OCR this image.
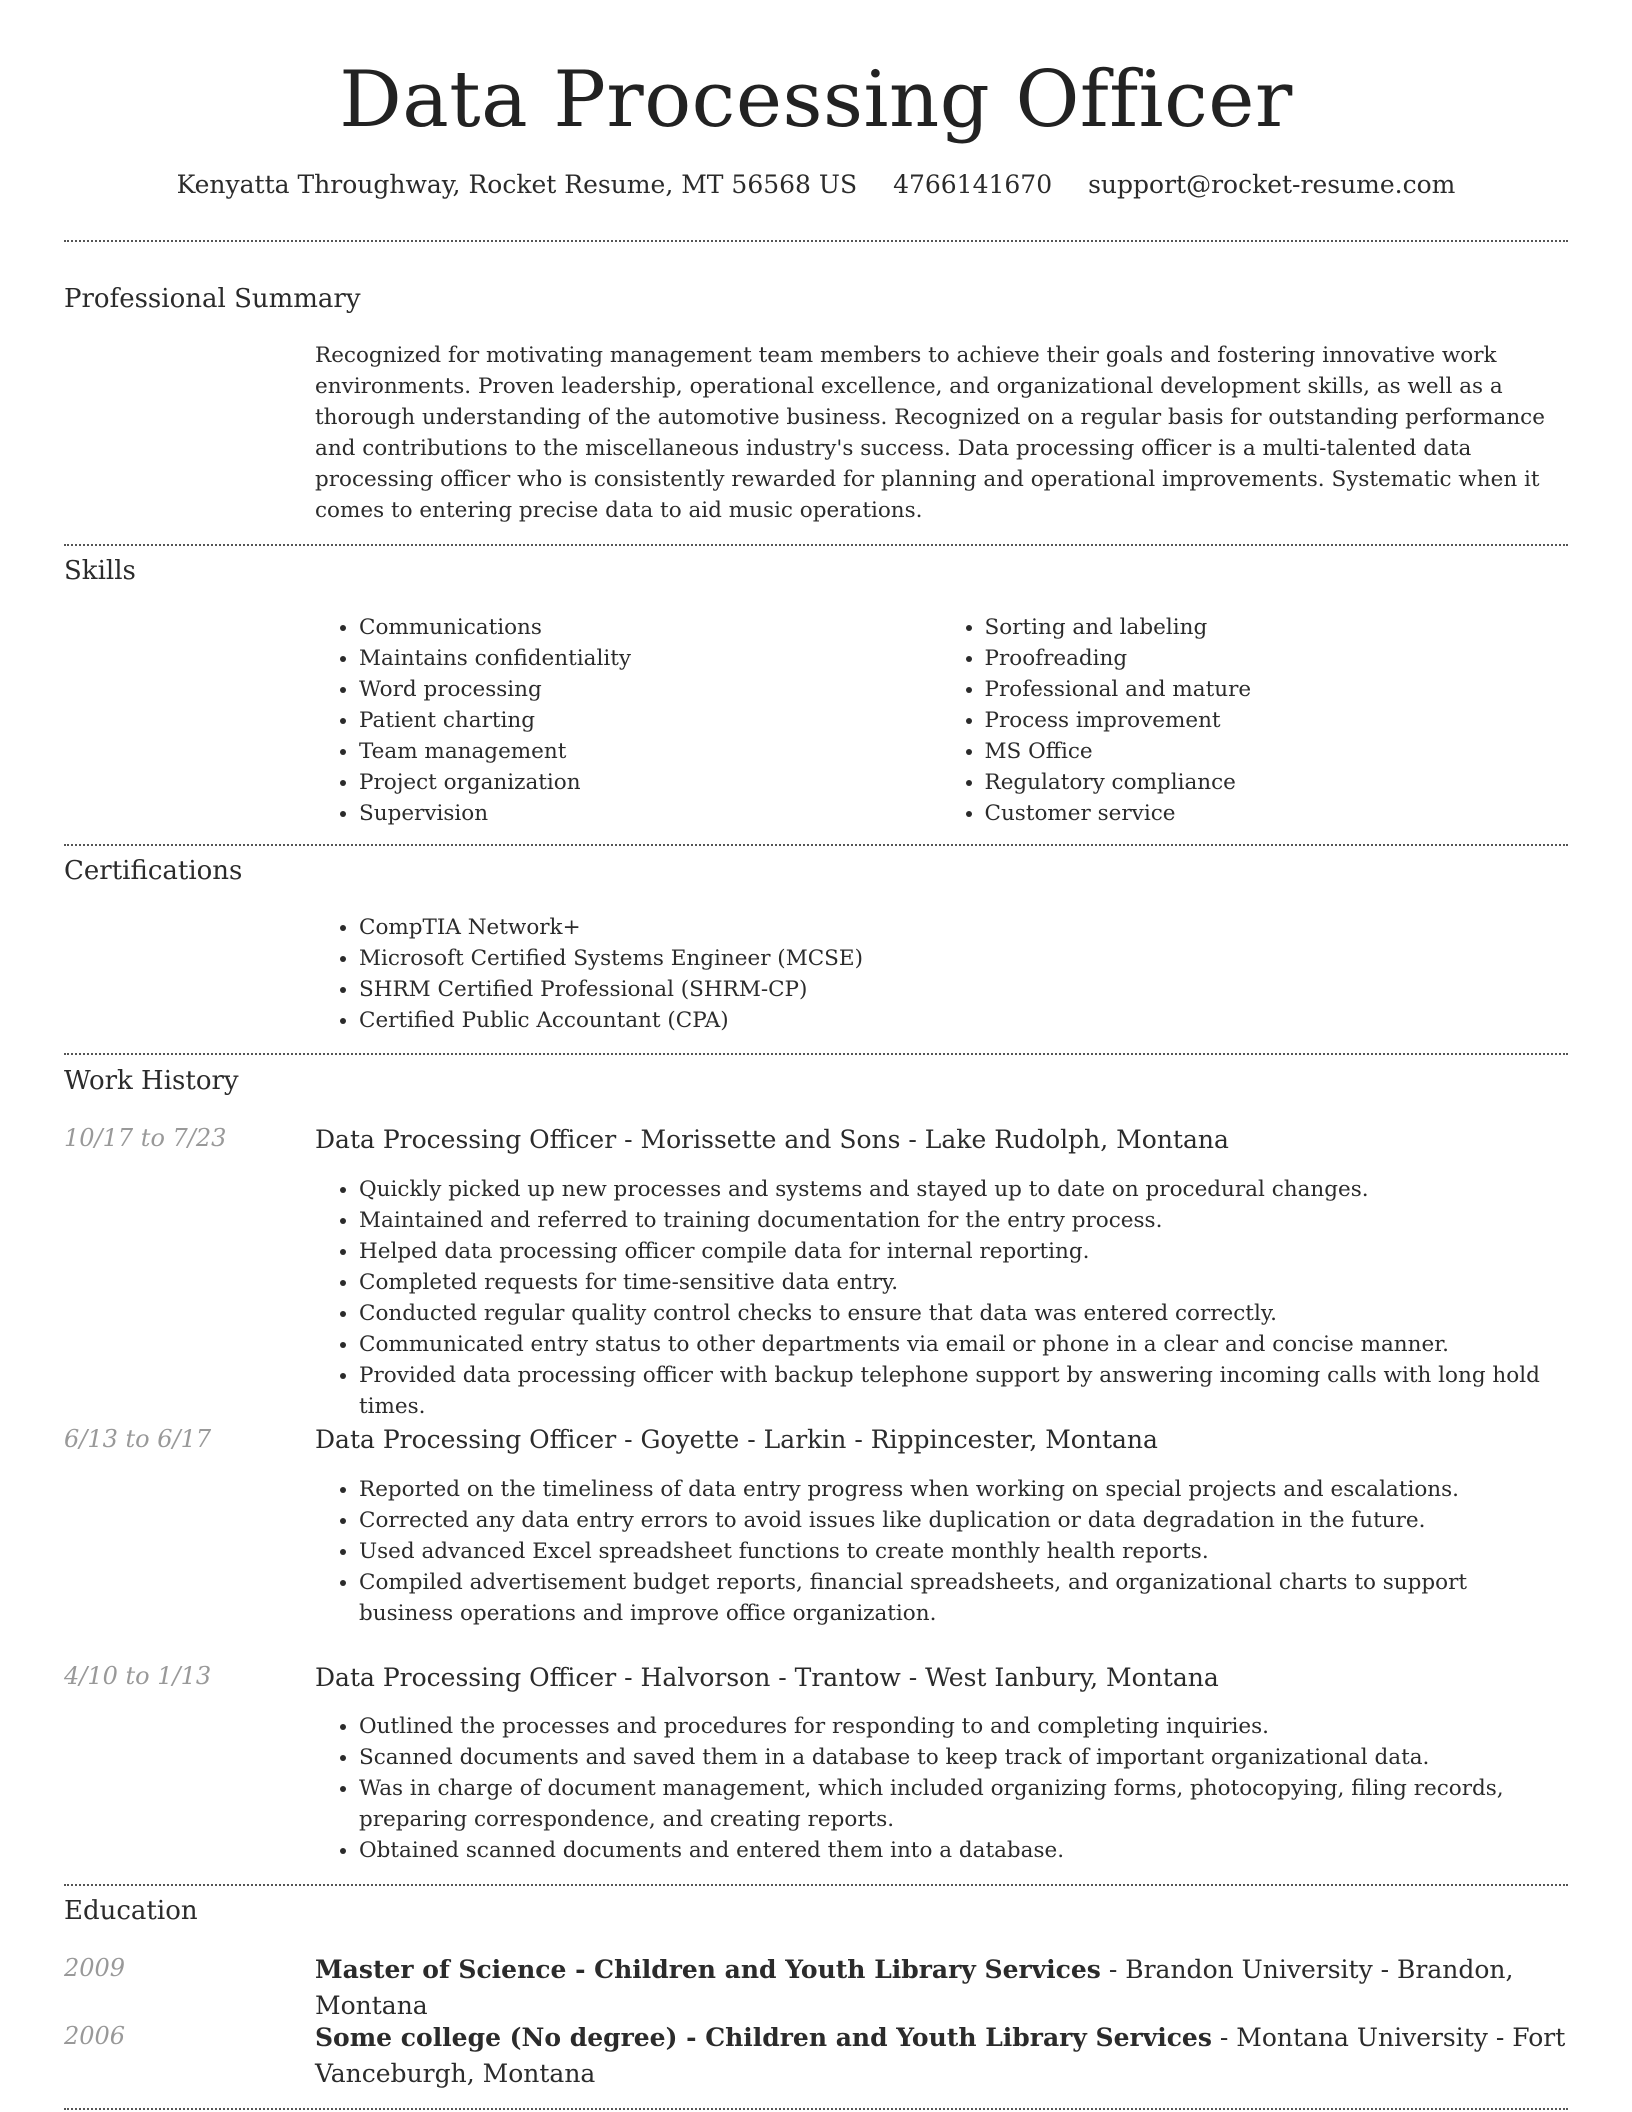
Data Processing Officer
Kenyatta Throughway, Rocket Resume, MT 56568 US 4766141670 support@rocket-resume.com
Professional Summary
Recognized for motivating management team members to achieve their goals and fostering innovative work environments. Proven leadership, operational excellence, and organizational development skills, as well as a thorough understanding of the automotive business. Recognized on a regular basis for outstanding performance and contributions to the miscellaneous industry's success. Data processing officer is a multi-talented data processing officer who is consistently rewarded for planning and operational improvements. Systematic when it comes to entering precise data to aid music operations.
Skills
• Communications
• Maintains confidentiality
• Word processing
• Patient charting
• Team management
• Project organization
• Supervision
• Sorting and labeling
• Proofreading
• Professional and mature
• Process improvement
• MS Office
• Regulatory compliance
• Customer service
Certifications
• CompTIA Network+
• Microsoft Certified Systems Engineer (MCSE)
• SHRM Certified Professional (SHRM-CP)
• Certified Public Accountant (CPA)
Work History
10/17 to 7/23	Data Processing Officer - Morissette and Sons - Lake Rudolph, Montana
• Quickly picked up new processes and systems and stayed up to date on procedural changes.
• Maintained and referred to training documentation for the entry process.
• Helped data processing officer compile data for internal reporting.
• Completed requests for time-sensitive data entry.
• Conducted regular quality control checks to ensure that data was entered correctly.
• Communicated entry status to other departments via email or phone in a clear and concise manner.
• Provided data processing officer with backup telephone support by answering incoming calls with long hold times.
6/13 to 6/17	Data Processing Officer - Goyette - Larkin - Rippincester, Montana
• Reported on the timeliness of data entry progress when working on special projects and escalations.
• Corrected any data entry errors to avoid issues like duplication or data degradation in the future.
• Used advanced Excel spreadsheet functions to create monthly health reports.
• Compiled advertisement budget reports, financial spreadsheets, and organizational charts to support business operations and improve office organization.
4/10 to 1/13	Data Processing Officer - Halvorson - Trantow - West Ianbury, Montana
• Outlined the processes and procedures for responding to and completing inquiries.
• Scanned documents and saved them in a database to keep track of important organizational data.
• Was in charge of document management, which included organizing forms, photocopying, filing records, preparing correspondence, and creating reports.
• Obtained scanned documents and entered them into a database.
Education
2009	Master of Science - Children and Youth Library Services - Brandon University - Brandon, Montana
2006	Some college (No degree) - Children and Youth Library Services - Montana University - Fort Vanceburgh, Montana
